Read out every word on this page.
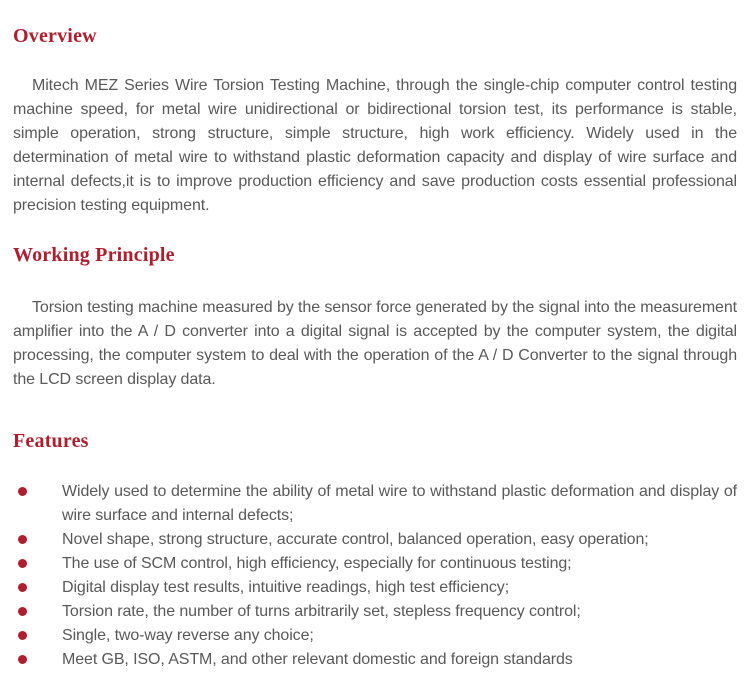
Overview

Mitech MEZ Series Wire Torsion Testing Machine, through the single-chip computer control testing machine speed, for metal wire unidirectional or bidirectional torsion test, its performance is stable, simple operation, strong structure, simple structure, high work efficiency. Widely used in the determination of metal wire to withstand plastic deformation capacity and display of wire surface and internal defects,it is to improve production efficiency and save production costs essential professional precision testing equipment.

Working Principle

Torsion testing machine measured by the sensor force generated by the signal into the measurement amplifier into the A / D converter into a digital signal is accepted by the computer system, the digital processing, the computer system to deal with the operation of the A / D Converter to the signal through the LCD screen display data.

Features
Widely used to determine the ability of metal wire to withstand plastic deformation and display of wire surface and internal defects;
Novel shape, strong structure, accurate control, balanced operation, easy operation;
The use of SCM control, high efficiency, especially for continuous testing;
Digital display test results, intuitive readings, high test efficiency;
Torsion rate, the number of turns arbitrarily set, stepless frequency control;
Single, two-way reverse any choice;
Meet GB, ISO, ASTM, and other relevant domestic and foreign standards
